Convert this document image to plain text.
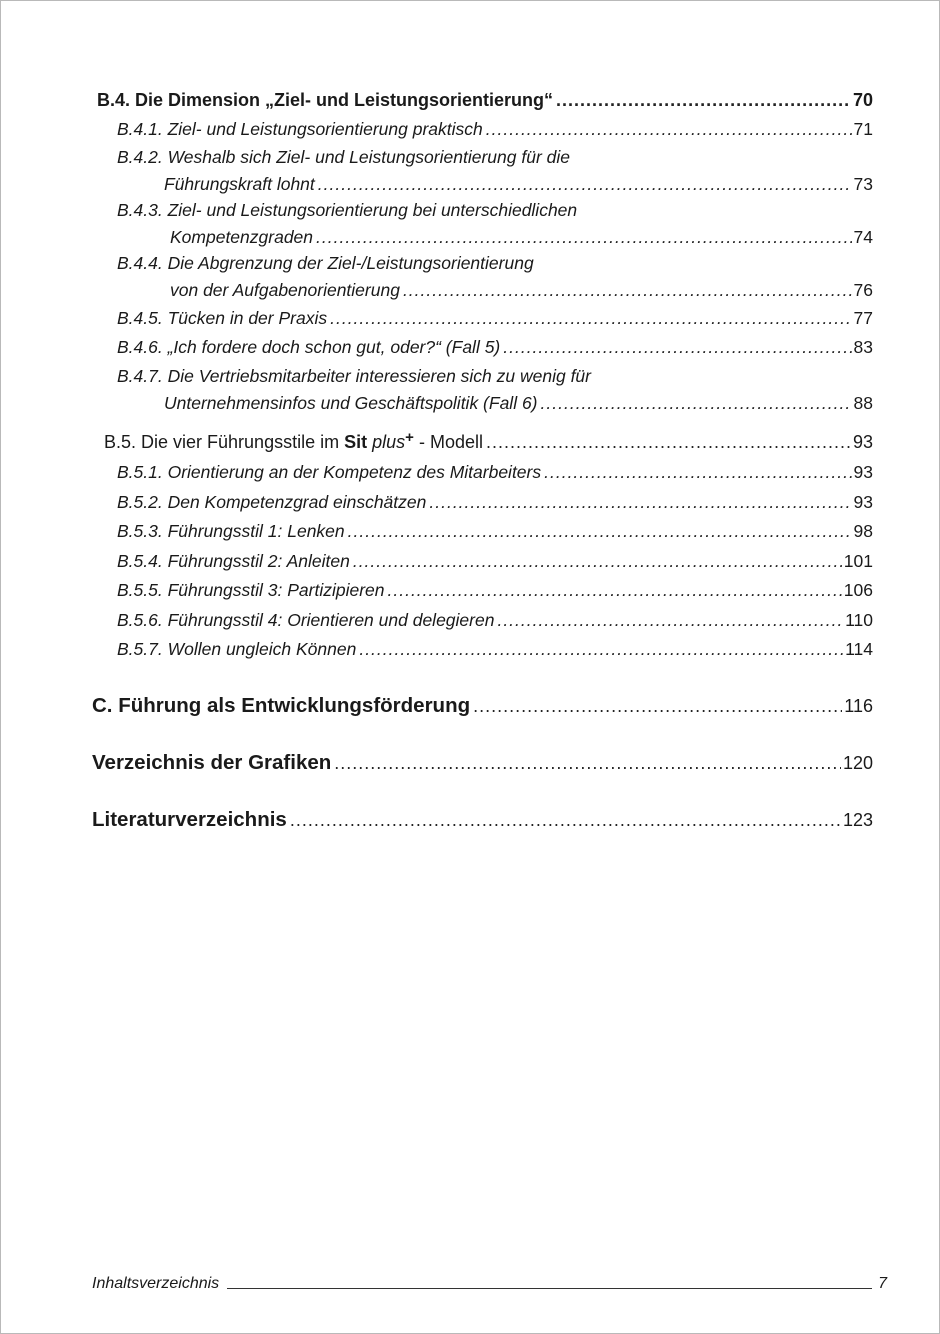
B.4. Die Dimension „Ziel- und Leistungsorientierung“ .....	70
B.4.1. Ziel- und Leistungsorientierung praktisch .....	71
B.4.2. Weshalb sich Ziel- und Leistungsorientierung für die
Führungskraft lohnt .....	73
B.4.3. Ziel- und Leistungsorientierung bei unterschiedlichen
Kompetenzgraden .....	74
B.4.4. Die Abgrenzung der Ziel-/Leistungsorientierung
von der Aufgabenorientierung .....	76
B.4.5. Tücken in der Praxis .....	77
B.4.6. „Ich fordere doch schon gut, oder?“ (Fall 5) .....	83
B.4.7. Die Vertriebsmitarbeiter interessieren sich zu wenig für
Unternehmensinfos und Geschäftspolitik (Fall 6) .....	88
B.5. Die vier Führungsstile im Sit plus+ - Modell .....	93
B.5.1. Orientierung an der Kompetenz des Mitarbeiters .....	93
B.5.2. Den Kompetenzgrad einschätzen .....	93
B.5.3. Führungsstil 1: Lenken .....	98
B.5.4. Führungsstil 2: Anleiten .....	101
B.5.5. Führungsstil 3: Partizipieren .....	106
B.5.6. Führungsstil 4: Orientieren und delegieren .....	110
B.5.7. Wollen ungleich Können .....	114
C. Führung als Entwicklungsförderung .....	116
Verzeichnis der Grafiken .....	120
Literaturverzeichnis .....	123
Inhaltsverzeichnis	7
